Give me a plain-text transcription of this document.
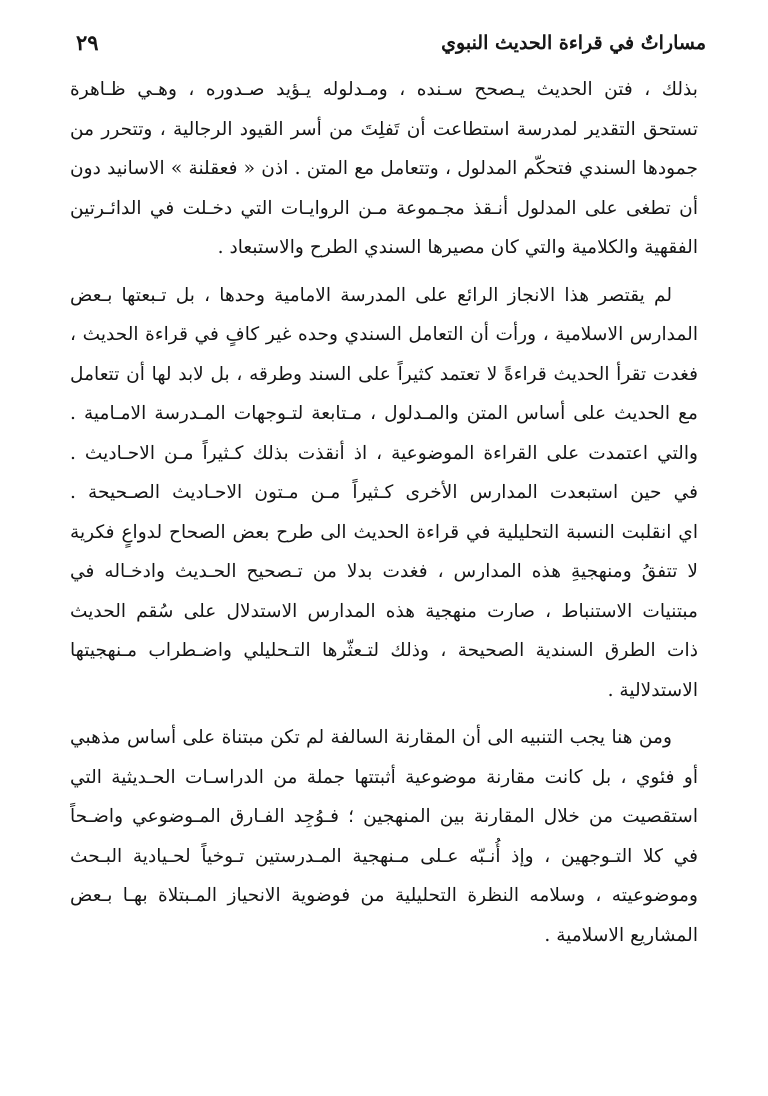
مساراتٌ في قراءة الحديث النبوي
٢٩
بذلك ، فتن الحديث يـصحح سـنده ، ومـدلوله يـؤيد صـدوره ، وهـي ظـاهرة
تستحق التقدير لمدرسة استطاعت أن تَفلِتَ من أسر القيود الرجالية ، وتتحرر من
جمودها السندي فتحكّم المدلول ، وتتعامل مع المتن . اذن « فعقلنة » الاسانيد دون
أن تطغى على المدلول أنـقذ مجـموعة مـن الروايـات التي دخـلت في الدائـرتين
الفقهية والكلامية والتي كان مصيرها السندي الطرح والاستبعاد .
لم يقتصر هذا الانجاز الرائع على المدرسة الامامية وحدها ، بل تـبعتها بـعض
المدارس الاسلامية ، ورأت أن التعامل السندي وحده غير كافٍ في قراءة الحديث ،
فغدت تقرأ الحديث قراءةً لا تعتمد كثيراً على السند وطرقه ، بل لابد لها أن تتعامل
مع الحديث على أساس المتن والمـدلول ، مـتابعة لتـوجهات المـدرسة الامـامية .
والتي اعتمدت على القراءة الموضوعية ، اذ أنقذت بذلك كـثيراً مـن الاحـاديث .
في حين استبعدت المدارس الأخرى كـثيراً مـن مـتون الاحـاديث الصـحيحة .
اي انقلبت النسبة التحليلية في قراءة الحديث الى طرح بعض الصحاح لدواعٍ فكرية
لا تتفقُ ومنهجيةِ هذه المدارس ، فغدت بدلا من تـصحيح الحـديث وادخـاله في
مبتنيات الاستنباط ، صارت منهجية هذه المدارس الاستدلال على سُقم الحديث
ذات الطرق السندية الصحيحة ، وذلك لتـعثّرها التـحليلي واضـطراب مـنهجيتها
الاستدلالية .
ومن هنا يجب التنبيه الى أن المقارنة السالفة لم تكن مبتناة على أساس مذهبي
أو فئوي ، بل كانت مقارنة موضوعية أثبتتها جملة من الدراسـات الحـديثية التي
استقصيت من خلال المقارنة بين المنهجين ؛ فـوُجِد الفـارق المـوضوعي واضـحاً
في كلا التـوجهين ، وإذ أُنـبّه عـلى مـنهجية المـدرستين تـوخياً لحـيادية البـحث
وموضوعيته ، وسلامه النظرة التحليلية من فوضوية الانحياز المـبتلاة بهـا بـعض
المشاريع الاسلامية .
